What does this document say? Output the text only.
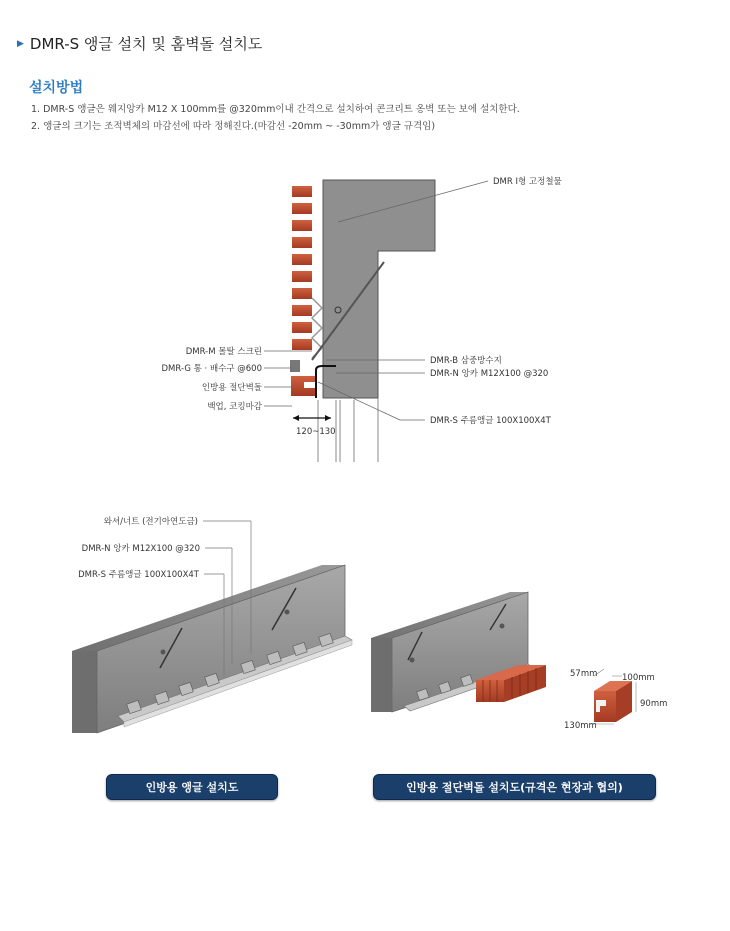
▶ DMR-S 앵글 설치 및 홈벽돌 설치도
설치방법
1. DMR-S 앵글은 웨지앙카 M12 X 100mm를 @320mm이내 간격으로 설치하여 콘크리트 옹벽 또는 보에 설치한다.
2. 앵글의 크기는 조적벽체의 마감선에 따라 정해진다.(마감선 -20mm ~ -30mm가 앵글 규격임)
DMR I형 고정철물
DMR-M 몰탈 스크린
DMR-G 통 · 배수구 @600
인방용 절단벽돌
백업, 코킹마감
DMR-B 삼중방수지
DMR-N 앙카 M12X100 @320
DMR-S 주름앵글 100X100X4T
120~130
와셔/너트 (전기아연도금)
DMR-N 앙카 M12X100 @320
DMR-S 주름앵글 100X100X4T
57mm	100mm
90mm
130mm
인방용 앵글 설치도	인방용 절단벽돌 설치도(규격은 현장과 협의)
